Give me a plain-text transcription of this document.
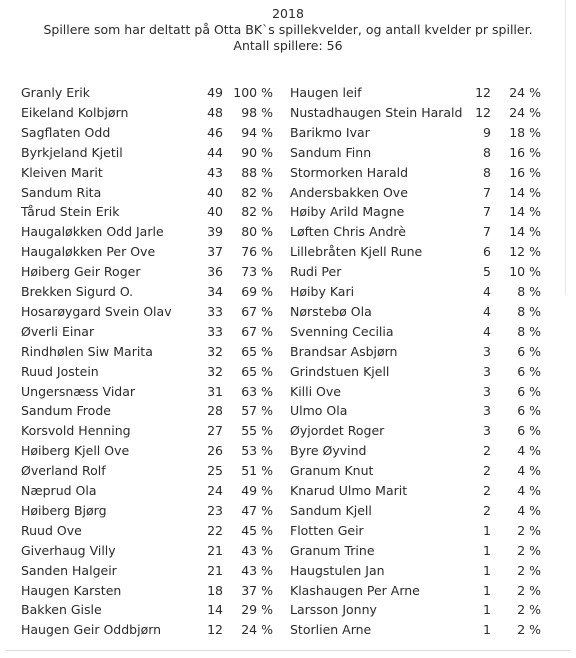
2018
Spillere som har deltatt på Otta BK`s spillekvelder, og antall kvelder pr spiller.
Antall spillere: 56
Granly Erik	49 100 % Haugen leif	12	24 %
Eikeland Kolbjørn	48	98 % Nustadhaugen Stein Harald	12	24 %
Sagflaten Odd	46	94 % Barikmo Ivar	9	18 %
Byrkjeland Kjetil	44	90 % Sandum Finn	8	16 %
Kleiven Marit	43	88 % Stormorken Harald	8	16 %
Sandum Rita	40	82 % Andersbakken Ove	7	14 %
Tårud Stein Erik	40	82 % Høiby Arild Magne	7	14 %
Haugaløkken Odd Jarle	39	80 % Løften Chris Andrè	7	14 %
Haugaløkken Per Ove	37	76 % Lillebråten Kjell Rune	6	12 %
Høiberg Geir Roger	36	73 % Rudi Per	5	10 %
Brekken Sigurd O.	34	69 % Høiby Kari	4	8 %
Hosarøygard Svein Olav	33	67 % Nørstebø Ola	4	8 %
Øverli Einar	33	67 % Svenning Cecilia	4	8 %
Rindhølen Siw Marita	32	65 % Brandsar Asbjørn	3	6 %
Ruud Jostein	32	65 % Grindstuen Kjell	3	6 %
Ungersnæss Vidar	31	63 % Killi Ove	3	6 %
Sandum Frode	28	57 % Ulmo Ola	3	6 %
Korsvold Henning	27	55 % Øyjordet Roger	3	6 %
Høiberg Kjell Ove	26	53 % Byre Øyvind	2	4 %
Øverland Rolf	25	51 % Granum Knut	2	4 %
Næprud Ola	24	49 % Knarud Ulmo Marit	2	4 %
Høiberg Bjørg	23	47 % Sandum Kjell	2	4 %
Ruud Ove	22	45 % Flotten Geir	1	2 %
Giverhaug Villy	21	43 % Granum Trine	1	2 %
Sanden Halgeir	21	43 % Haugstulen Jan	1	2 %
Haugen Karsten	18	37 % Klashaugen Per Arne	1	2 %
Bakken Gisle	14	29 % Larsson Jonny	1	2 %
Haugen Geir Oddbjørn	12	24 % Storlien Arne	1	2 %
